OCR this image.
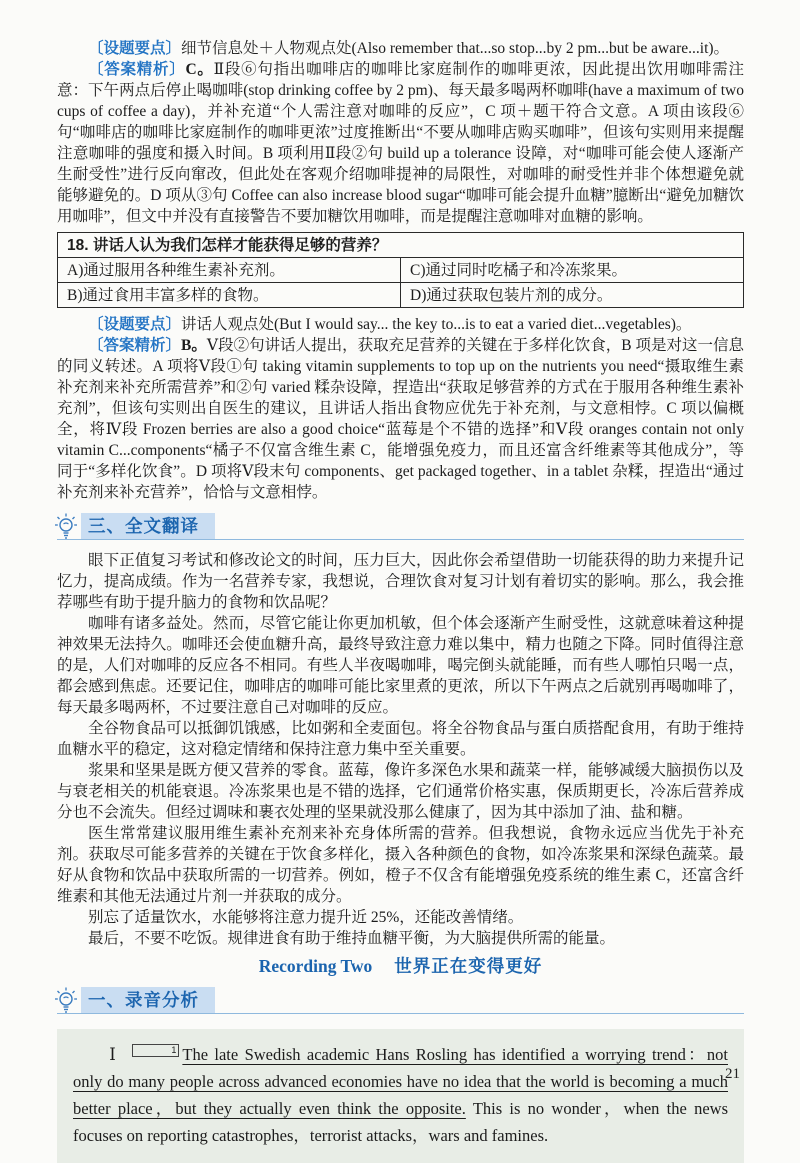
〔设题要点〕细节信息处＋人物观点处(Also remember that...so stop...by 2 pm...but be aware...it)。

〔答案精析〕C。Ⅱ段⑥句指出咖啡店的咖啡比家庭制作的咖啡更浓，因此提出饮用咖啡需注意：下午两点后停止喝咖啡(stop drinking coffee by 2 pm)、每天最多喝两杯咖啡(have a maximum of two cups of coffee a day)，并补充道“个人需注意对咖啡的反应”，C 项＋题干符合文意。A 项由该段⑥句“咖啡店的咖啡比家庭制作的咖啡更浓”过度推断出“不要从咖啡店购买咖啡”，但该句实则用来提醒注意咖啡的强度和摄入时间。B 项利用Ⅱ段②句 build up a tolerance 设障，对“咖啡可能会使人逐渐产生耐受性”进行反向窜改，但此处在客观介绍咖啡提神的局限性，对咖啡的耐受性并非个体想避免就能够避免的。D 项从③句 Coffee can also increase blood sugar“咖啡可能会提升血糖”臆断出“避免加糖饮用咖啡”，但文中并没有直接警告不要加糖饮用咖啡，而是提醒注意咖啡对血糖的影响。

18. 讲话人认为我们怎样才能获得足够的营养？	
A)通过服用各种维生素补充剂。	C)通过同时吃橘子和冷冻浆果。
B)通过食用丰富多样的食物。	D)通过获取包装片剂的成分。

〔设题要点〕讲话人观点处(But I would say... the key to...is to eat a varied diet...vegetables)。

〔答案精析〕B。Ⅴ段②句讲话人提出，获取充足营养的关键在于多样化饮食，B 项是对这一信息的同义转述。A 项将Ⅴ段①句 taking vitamin supplements to top up on the nutrients you need“摄取维生素补充剂来补充所需营养”和②句 varied 糅杂设障，捏造出“获取足够营养的方式在于服用各种维生素补充剂”，但该句实则出自医生的建议，且讲话人指出食物应优先于补充剂，与文意相悖。C 项以偏概全，将Ⅳ段 Frozen berries are also a good choice“蓝莓是个不错的选择”和Ⅴ段 oranges contain not only vitamin C...components“橘子不仅富含维生素 C，能增强免疫力，而且还富含纤维素等其他成分”，等同于“多样化饮食”。D 项将Ⅴ段末句 components、get packaged together、in a tablet 杂糅，捏造出“通过补充剂来补充营养”，恰恰与文意相悖。

三、全文翻译

眼下正值复习考试和修改论文的时间，压力巨大，因此你会希望借助一切能获得的助力来提升记忆力，提高成绩。作为一名营养专家，我想说，合理饮食对复习计划有着切实的影响。那么，我会推荐哪些有助于提升脑力的食物和饮品呢？

咖啡有诸多益处。然而，尽管它能让你更加机敏，但个体会逐渐产生耐受性，这就意味着这种提神效果无法持久。咖啡还会使血糖升高，最终导致注意力难以集中，精力也随之下降。同时值得注意的是，人们对咖啡的反应各不相同。有些人半夜喝咖啡，喝完倒头就能睡，而有些人哪怕只喝一点，都会感到焦虑。还要记住，咖啡店的咖啡可能比家里煮的更浓，所以下午两点之后就别再喝咖啡了，每天最多喝两杯，不过要注意自己对咖啡的反应。

全谷物食品可以抵御饥饿感，比如粥和全麦面包。将全谷物食品与蛋白质搭配食用，有助于维持血糖水平的稳定，这对稳定情绪和保持注意力集中至关重要。

浆果和坚果是既方便又营养的零食。蓝莓，像许多深色水果和蔬菜一样，能够减缓大脑损伤以及与衰老相关的机能衰退。冷冻浆果也是不错的选择，它们通常价格实惠，保质期更长，冷冻后营养成分也不会流失。但经过调味和裹衣处理的坚果就没那么健康了，因为其中添加了油、盐和糖。

医生常常建议服用维生素补充剂来补充身体所需的营养。但我想说，食物永远应当优先于补充剂。获取尽可能多营养的关键在于饮食多样化，摄入各种颜色的食物，如冷冻浆果和深绿色蔬菜。最好从食物和饮品中获取所需的一切营养。例如，橙子不仅含有能增强免疫系统的维生素 C，还富含纤维素和其他无法通过片剂一并获取的成分。

别忘了适量饮水，水能够将注意力提升近 25%，还能改善情绪。

最后，不要不吃饭。规律进食有助于维持血糖平衡，为大脑提供所需的能量。

Recording Two 世界正在变得更好
一、录音分析
Ⅰ	1 The late Swedish academic Hans Rosling has identified a worrying trend：not only do many people across advanced economies have no idea that the world is becoming a much better place，but they actually even think the opposite. This is no wonder，when the news focuses on reporting catastrophes，terrorist attacks，wars and famines.
21
